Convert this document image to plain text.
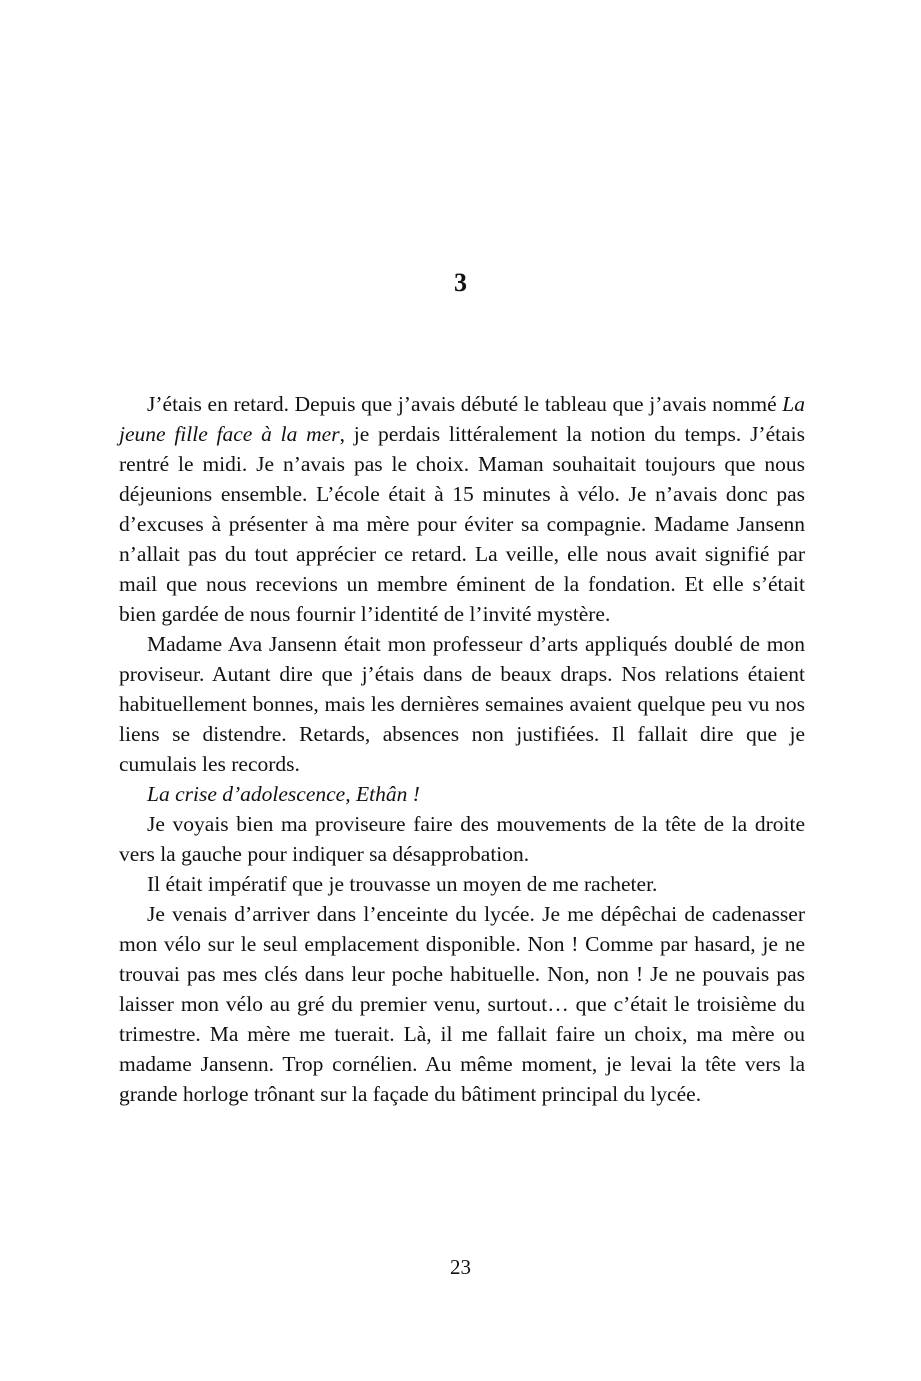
3

J’étais en retard. Depuis que j’avais débuté le tableau que j’avais nommé La jeune fille face à la mer, je perdais littéralement la notion du temps. J’étais rentré le midi. Je n’avais pas le choix. Maman souhaitait toujours que nous déjeunions ensemble. L’école était à 15 minutes à vélo. Je n’avais donc pas d’excuses à présenter à ma mère pour éviter sa compagnie. Madame Jansenn n’allait pas du tout apprécier ce retard. La veille, elle nous avait signifié par mail que nous recevions un membre éminent de la fondation. Et elle s’était bien gardée de nous fournir l’identité de l’invité mystère.

Madame Ava Jansenn était mon professeur d’arts appliqués doublé de mon proviseur. Autant dire que j’étais dans de beaux draps. Nos relations étaient habituellement bonnes, mais les dernières semaines avaient quelque peu vu nos liens se distendre. Retards, absences non justifiées. Il fallait dire que je cumulais les records.

La crise d’adolescence, Ethân !

Je voyais bien ma proviseure faire des mouvements de la tête de la droite vers la gauche pour indiquer sa désapprobation.

Il était impératif que je trouvasse un moyen de me racheter.

Je venais d’arriver dans l’enceinte du lycée. Je me dépêchai de cadenasser mon vélo sur le seul emplacement disponible. Non ! Comme par hasard, je ne trouvai pas mes clés dans leur poche habituelle. Non, non ! Je ne pouvais pas laisser mon vélo au gré du premier venu, surtout… que c’était le troisième du trimestre. Ma mère me tuerait. Là, il me fallait faire un choix, ma mère ou madame Jansenn. Trop cornélien. Au même moment, je levai la tête vers la grande horloge trônant sur la façade du bâtiment principal du lycée.

23
